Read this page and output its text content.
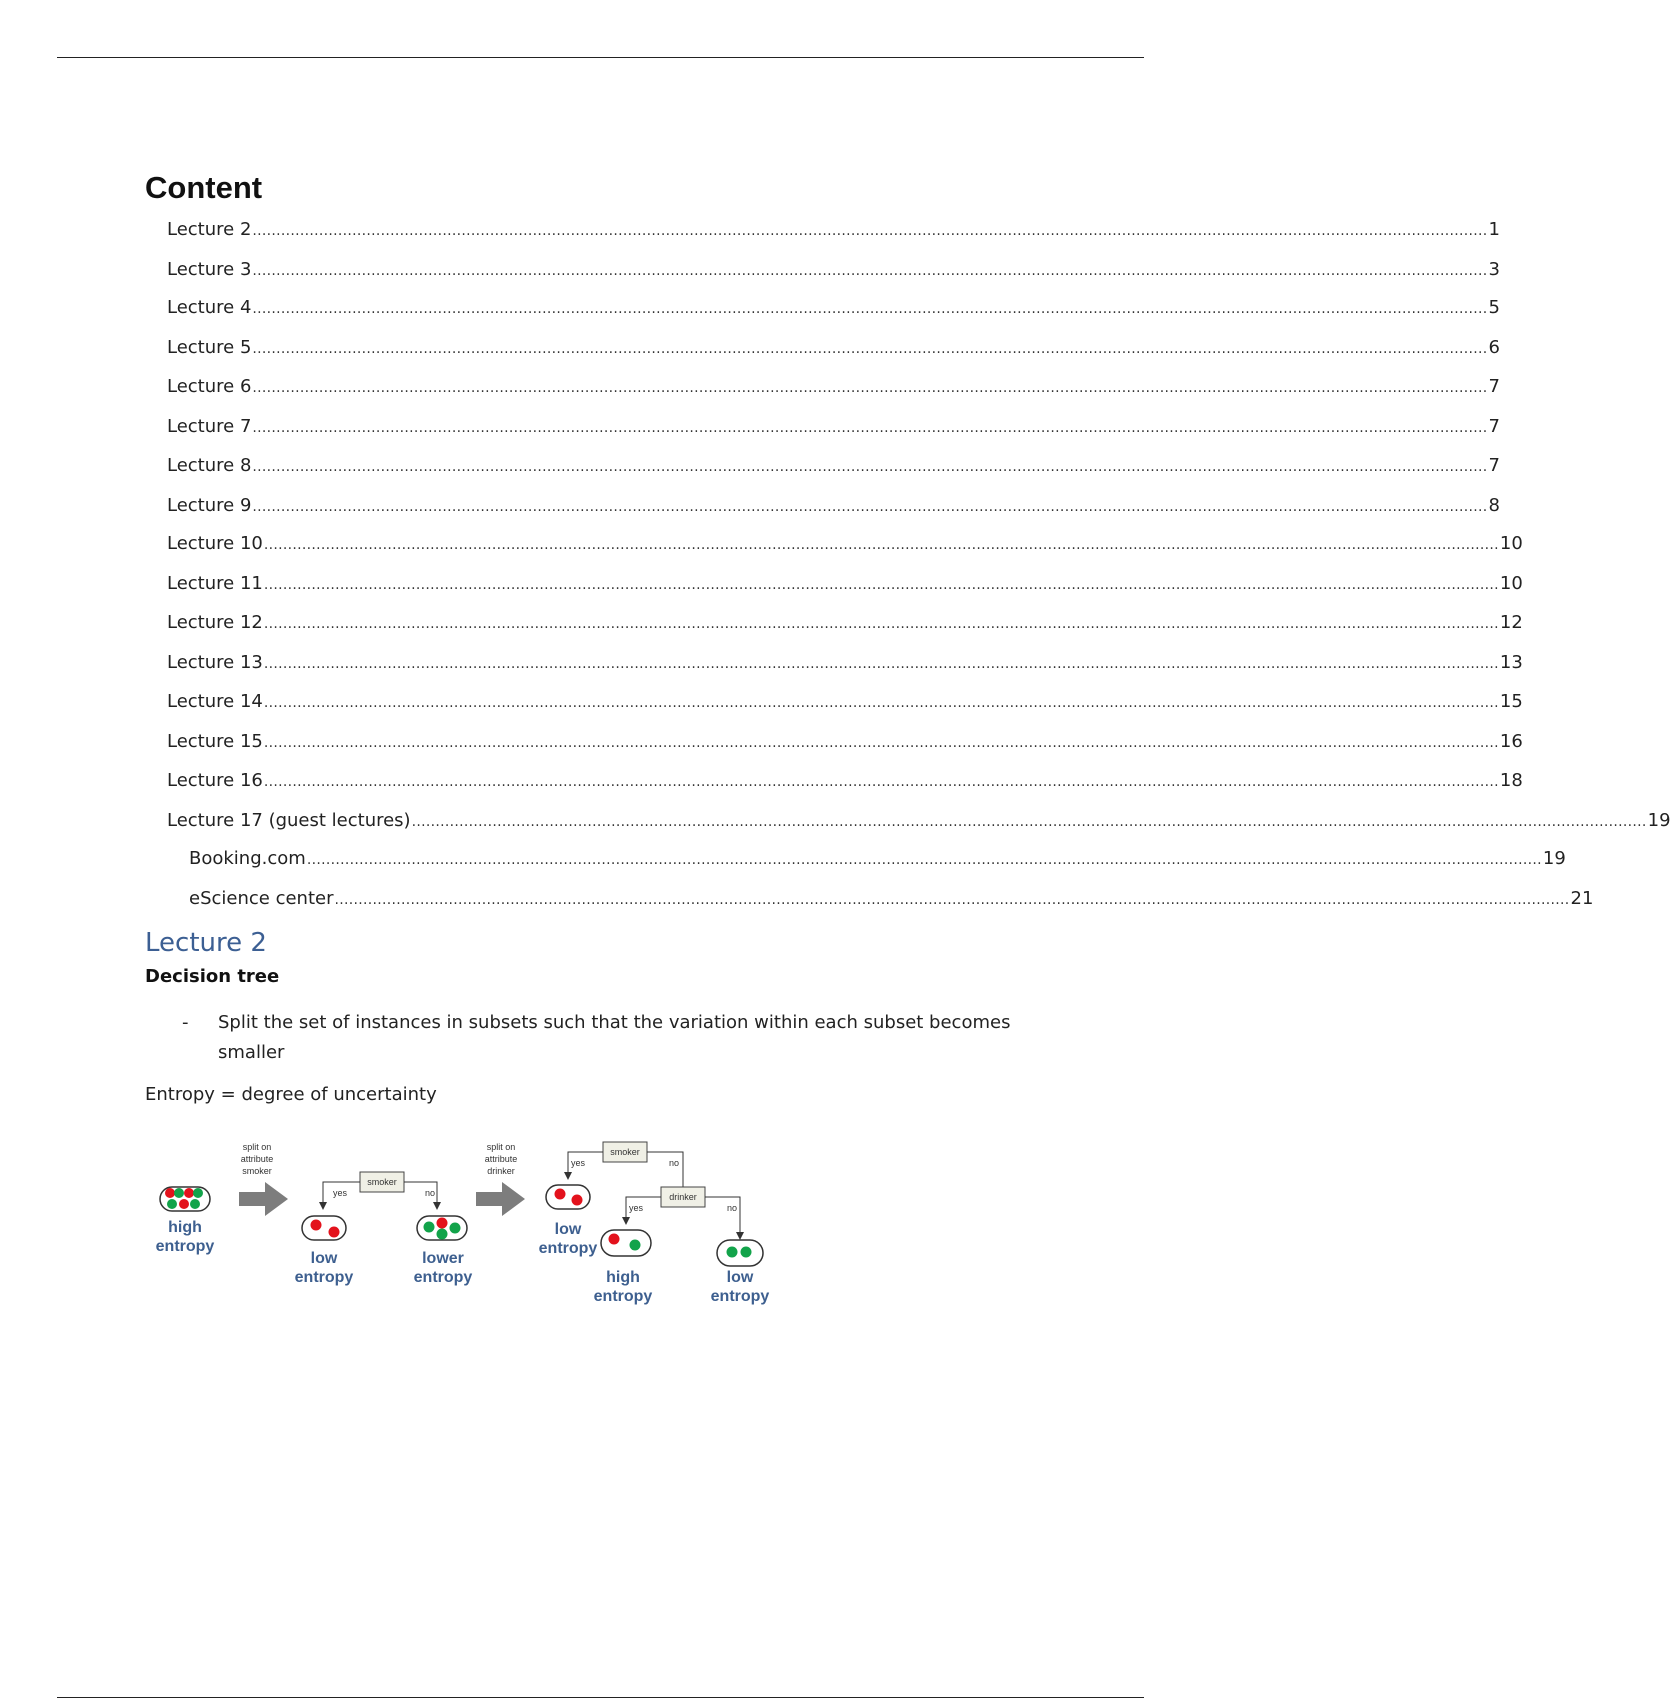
Content
Lecture 2 .................................................................................................................................................................................................................................................................... 1
Lecture 3 .................................................................................................................................................................................................................................................................... 3
Lecture 4 .................................................................................................................................................................................................................................................................... 5
Lecture 5 .................................................................................................................................................................................................................................................................... 6
Lecture 6 .................................................................................................................................................................................................................................................................... 7
Lecture 7 .................................................................................................................................................................................................................................................................... 7
Lecture 8 .................................................................................................................................................................................................................................................................... 7
Lecture 9 .................................................................................................................................................................................................................................................................... 8
Lecture 10 .................................................................................................................................................................................................................................................................... 10
Lecture 11 .................................................................................................................................................................................................................................................................... 10
Lecture 12 .................................................................................................................................................................................................................................................................... 12
Lecture 13 .................................................................................................................................................................................................................................................................... 13
Lecture 14 .................................................................................................................................................................................................................................................................... 15
Lecture 15 .................................................................................................................................................................................................................................................................... 16
Lecture 16 .................................................................................................................................................................................................................................................................... 18
Lecture 17 (guest lectures) .................................................................................................................................................................................................................................................................... 19
Booking.com .................................................................................................................................................................................................................................................................... 19
eScience center .................................................................................................................................................................................................................................................................... 21
Lecture 2
Decision tree
- Split the set of instances in subsets such that the variation within each subset becomes smaller
Entropy = degree of uncertainty
high
entropy
split on
attribute
smoker
smoker
yes	no
low
entropy
lower
entropy
split on
attribute
drinker
smoker
yes	no
drinker
yes	no
low
entropy
high
entropy
low
entropy
